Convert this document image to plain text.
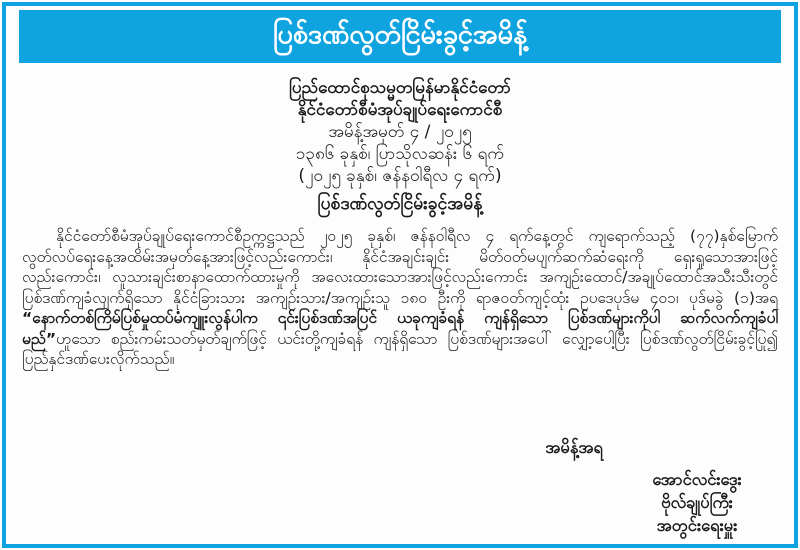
ပြစ်ဒဏ်လွတ်ငြိမ်းခွင့်အမိန့်
ပြည်ထောင်စုသမ္မတမြန်မာနိုင်ငံတော်
နိုင်ငံတော်စီမံအုပ်ချုပ်ရေးကောင်စီ
အမိန့်အမှတ် ၄ / ၂၀၂၅
၁၃၈၆ ခုနှစ်၊ ပြာသိုလဆန်း ၆ ရက်
(၂၀၂၅ ခုနှစ်၊ ဇန်နဝါရီလ ၄ ရက်)
ပြစ်ဒဏ်လွတ်ငြိမ်းခွင့်အမိန့်

နိုင်ငံတော်စီမံအုပ်ချုပ်ရေးကောင်စီဥက္ကဋ္ဌသည် ၂၀၂၅ ခုနှစ်၊ ဇန်နဝါရီလ ၄ ရက်နေ့တွင် ကျရောက်သည့် (၇၇)နှစ်မြောက် လွတ်လပ်ရေးနေ့အထိမ်းအမှတ်နေ့အားဖြင့်လည်းကောင်း၊ နိုင်ငံအချင်းချင်း မိတ်ဝတ်မပျက်ဆက်ဆံရေးကို ရှေးရှုသောအားဖြင့်လည်းကောင်း၊ လူသားချင်းစာနာထောက်ထားမှုကို အလေးထားသောအားဖြင့်လည်းကောင်း အကျဉ်းထောင်/အချုပ်ထောင်အသီးသီးတွင် ပြစ်ဒဏ်ကျခံလျက်ရှိသော နိုင်ငံခြားသား အကျဉ်းသား/အကျဉ်းသူ ၁၈၀ ဦးကို ရာဇဝတ်ကျင့်ထုံး ဥပဒေပုဒ်မ ၄၀၁၊ ပုဒ်မခွဲ (၁)အရ “နောက်တစ်ကြိမ်ပြစ်မှုထပ်မံကျူးလွန်ပါက ၎င်းပြစ်ဒဏ်အပြင် ယခုကျခံရန် ကျန်ရှိသော ပြစ်ဒဏ်များကိုပါ ဆက်လက်ကျခံပါမည်”ဟူသော စည်းကမ်းသတ်မှတ်ချက်ဖြင့် ယင်းတို့ကျခံရန် ကျန်ရှိသော ပြစ်ဒဏ်များအပေါ် လျှော့ပေါ့ပြီး ပြစ်ဒဏ်လွတ်ငြိမ်းခွင့်ပြု၍ ပြည်နှင်ဒဏ်ပေးလိုက်သည်။

အမိန့်အရ
အောင်လင်းဒွေး
ဗိုလ်ချုပ်ကြီး
အတွင်းရေးမှူး
